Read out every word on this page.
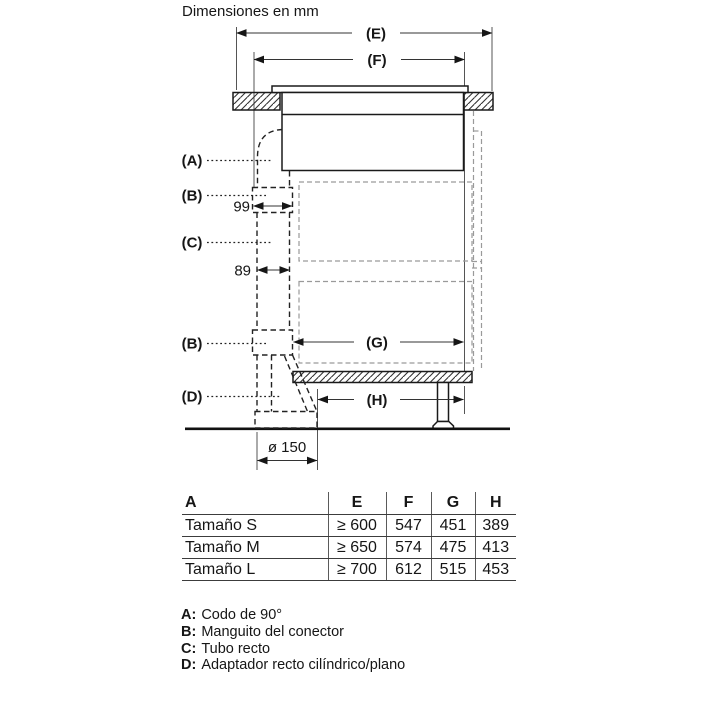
Dimensiones en mm
(E)
(F)
(G)
(H)
99
89
ø 150
(A)
(B)
(C)
(B)
(D)
A	E	F	G	H
Tamaño S	≥ 600	547	451	389
Tamaño M	≥ 650	574	475	413
Tamaño L	≥ 700	612	515	453
A: Codo de 90°
B: Manguito del conector
C: Tubo recto
D: Adaptador recto cilíndrico/plano
